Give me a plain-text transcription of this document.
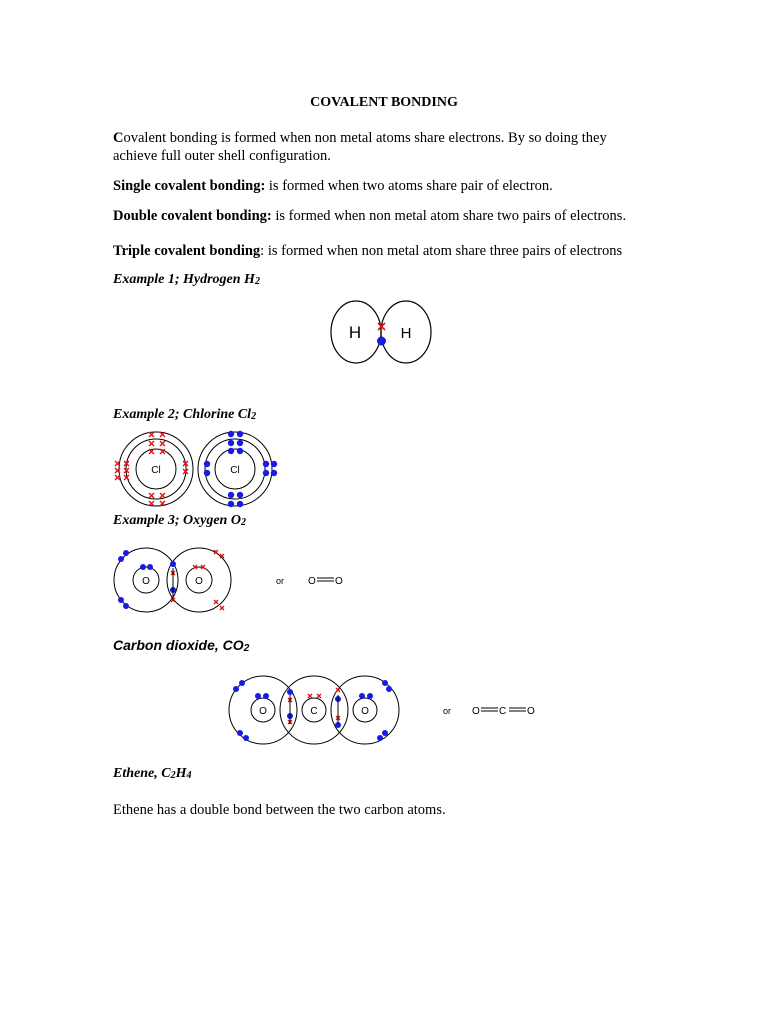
COVALENT BONDING
Covalent bonding is formed when non metal atoms share electrons. By so doing they achieve full outer shell configuration.
Single covalent bonding: is formed when two atoms share pair of electron.
Double covalent bonding: is formed when non metal atom share two pairs of electrons.
Triple covalent bonding: is formed when non metal atom share three pairs of electrons
Example 1; Hydrogen H2
H	H
Example 2; Chlorine Cl2
Cl	Cl
Example 3; Oxygen O2
O	O	or O O
Carbon dioxide, CO2
O	C	O	or O C O
Ethene, C2H4
Ethene has a double bond between the two carbon atoms.
